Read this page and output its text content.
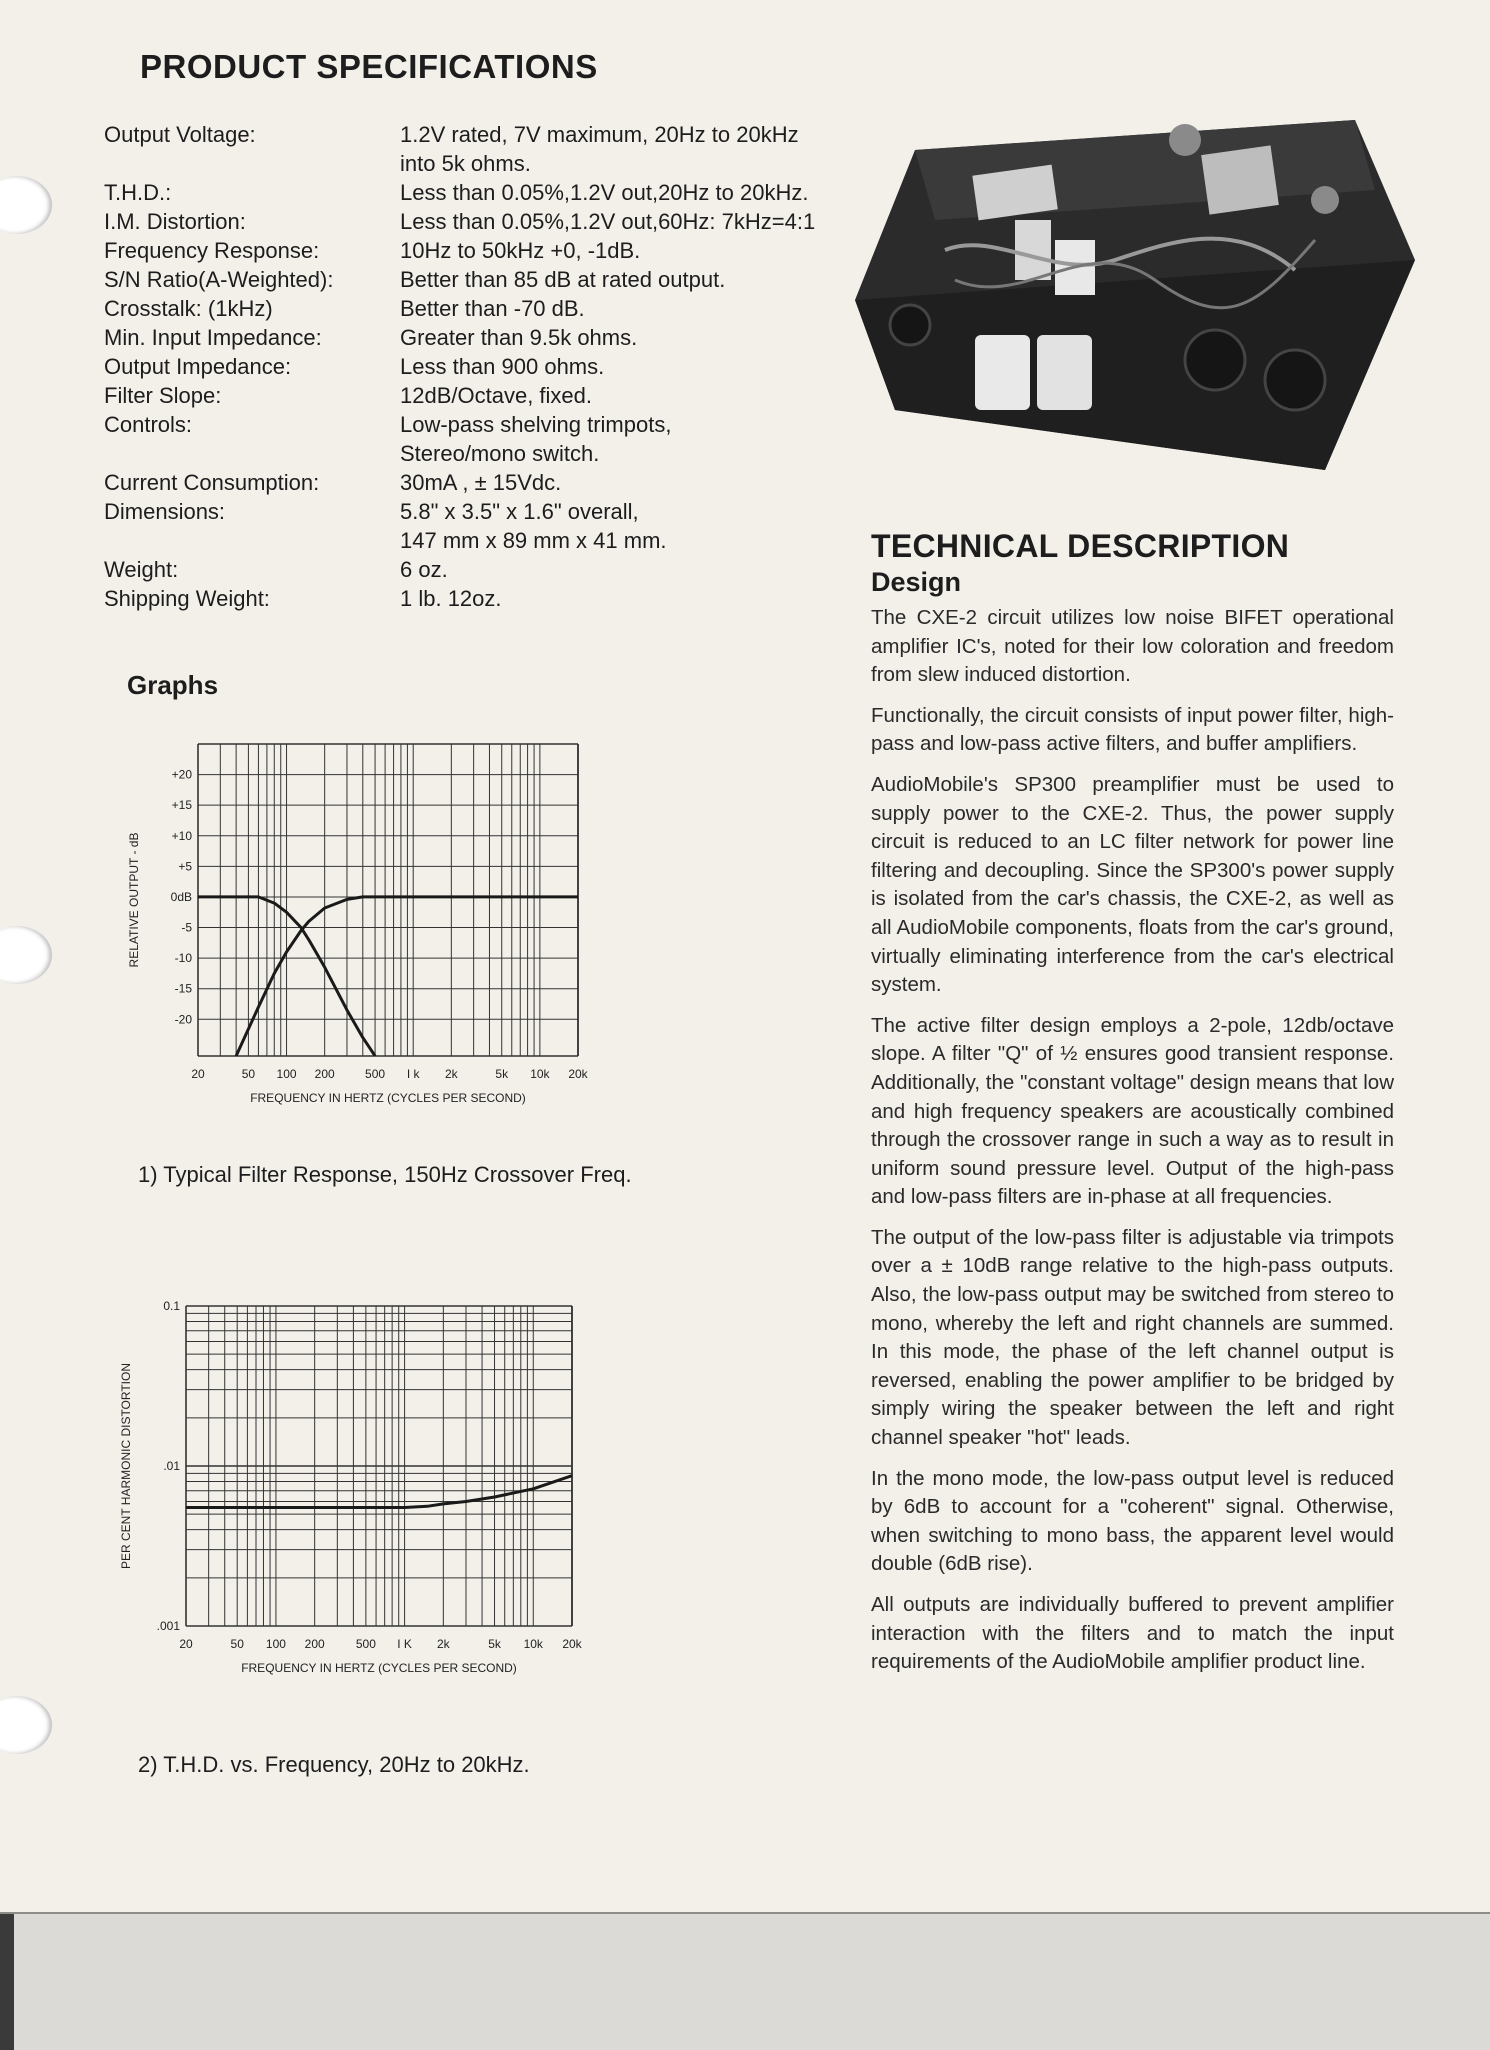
PRODUCT SPECIFICATIONS
Output Voltage:	1.2V rated, 7V maximum, 20Hz to 20kHz
into 5k ohms.
T.H.D.:	Less than 0.05%,1.2V out,20Hz to 20kHz.
I.M. Distortion:	Less than 0.05%,1.2V out,60Hz: 7kHz=4:1
Frequency Response:	10Hz to 50kHz +0, -1dB.
S/N Ratio(A-Weighted):	Better than 85 dB at rated output.
Crosstalk: (1kHz)	Better than -70 dB.
Min. Input Impedance:	Greater than 9.5k ohms.
Output Impedance:	Less than 900 ohms.
Filter Slope:	12dB/Octave, fixed.
Controls:	Low-pass shelving trimpots,
Stereo/mono switch.
Current Consumption:	30mA , ± 15Vdc.
Dimensions:	5.8" x 3.5" x 1.6" overall,
147 mm x 89 mm x 41 mm.
Weight:	6 oz.
Shipping Weight:	1 lb. 12oz.
Graphs
+20
+15
+10
+5
0dB
-5
-10
-15
-20
20	50 100 200	500 I k 2k	5k 10k 20k
FREQUENCY IN HERTZ (CYCLES PER SECOND)
RELATIVE OUTPUT - dB
1) Typical Filter Response, 150Hz Crossover Freq.
0.1
.01
.001
20	50 100 200	500 I K 2k	5k 10k 20k
FREQUENCY IN HERTZ (CYCLES PER SECOND)
PER CENT HARMONIC DISTORTION
2) T.H.D. vs. Frequency, 20Hz to 20kHz.
TECHNICAL DESCRIPTION
Design

The CXE-2 circuit utilizes low noise BIFET operational amplifier IC's, noted for their low coloration and freedom from slew induced distortion.

Functionally, the circuit consists of input power filter, high-pass and low-pass active filters, and buffer amplifiers.

AudioMobile's SP300 preamplifier must be used to supply power to the CXE-2. Thus, the power supply circuit is reduced to an LC filter network for power line filtering and decoupling. Since the SP300's power supply is isolated from the car's chassis, the CXE-2, as well as all AudioMobile components, floats from the car's ground, virtually eliminating interference from the car's electrical system.

The active filter design employs a 2-pole, 12db/octave slope. A filter "Q" of ½ ensures good transient response. Additionally, the "constant voltage" design means that low and high frequency speakers are acoustically combined through the crossover range in such a way as to result in uniform sound pressure level. Output of the high-pass and low-pass filters are in-phase at all frequencies.

The output of the low-pass filter is adjustable via trimpots over a ± 10dB range relative to the high-pass outputs. Also, the low-pass output may be switched from stereo to mono, whereby the left and right channels are summed. In this mode, the phase of the left channel output is reversed, enabling the power amplifier to be bridged by simply wiring the speaker between the left and right channel speaker "hot" leads.

In the mono mode, the low-pass output level is reduced by 6dB to account for a "coherent" signal. Otherwise, when switching to mono bass, the apparent level would double (6dB rise).

All outputs are individually buffered to prevent amplifier interaction with the filters and to match the input requirements of the AudioMobile amplifier product line.
